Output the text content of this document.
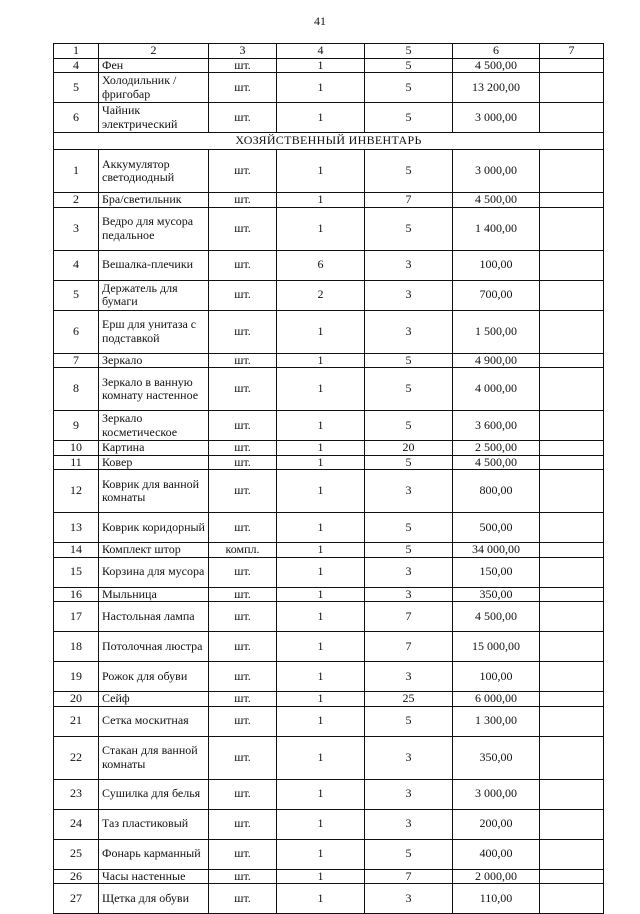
41
1	2	3	4	5	6	7
4	Фен	шт.	1	5	4 500,00	
5	Холодильник / фригобар	шт.	1	5	13 200,00	
6	Чайник электрический	шт.	1	5	3 000,00	
ХОЗЯЙСТВЕННЫЙ ИНВЕНТАРЬ						
1	Аккумулятор светодиодный	шт.	1	5	3 000,00	
2	Бра/светильник	шт.	1	7	4 500,00	
3	Ведро для мусора педальное	шт.	1	5	1 400,00	
4	Вешалка-плечики	шт.	6	3	100,00	
5	Держатель для бумаги	шт.	2	3	700,00	
6	Ерш для унитаза с подставкой	шт.	1	3	1 500,00	
7	Зеркало	шт.	1	5	4 900,00	
8	Зеркало в ванную комнату настенное	шт.	1	5	4 000,00	
9	Зеркало косметическое	шт.	1	5	3 600,00	
10	Картина	шт.	1	20	2 500,00	
11	Ковер	шт.	1	5	4 500,00	
12	Коврик для ванной комнаты	шт.	1	3	800,00	
13	Коврик коридорный	шт.	1	5	500,00	
14	Комплект штор	компл.	1	5	34 000,00	
15	Корзина для мусора	шт.	1	3	150,00	
16	Мыльница	шт.	1	3	350,00	
17	Настольная лампа	шт.	1	7	4 500,00	
18	Потолочная люстра	шт.	1	7	15 000,00	
19	Рожок для обуви	шт.	1	3	100,00	
20	Сейф	шт.	1	25	6 000,00	
21	Сетка москитная	шт.	1	5	1 300,00	
22	Стакан для ванной комнаты	шт.	1	3	350,00	
23	Сушилка для белья	шт.	1	3	3 000,00	
24	Таз пластиковый	шт.	1	3	200,00	
25	Фонарь карманный	шт.	1	5	400,00	
26	Часы настенные	шт.	1	7	2 000,00	
27	Щетка для обуви	шт.	1	3	110,00	
